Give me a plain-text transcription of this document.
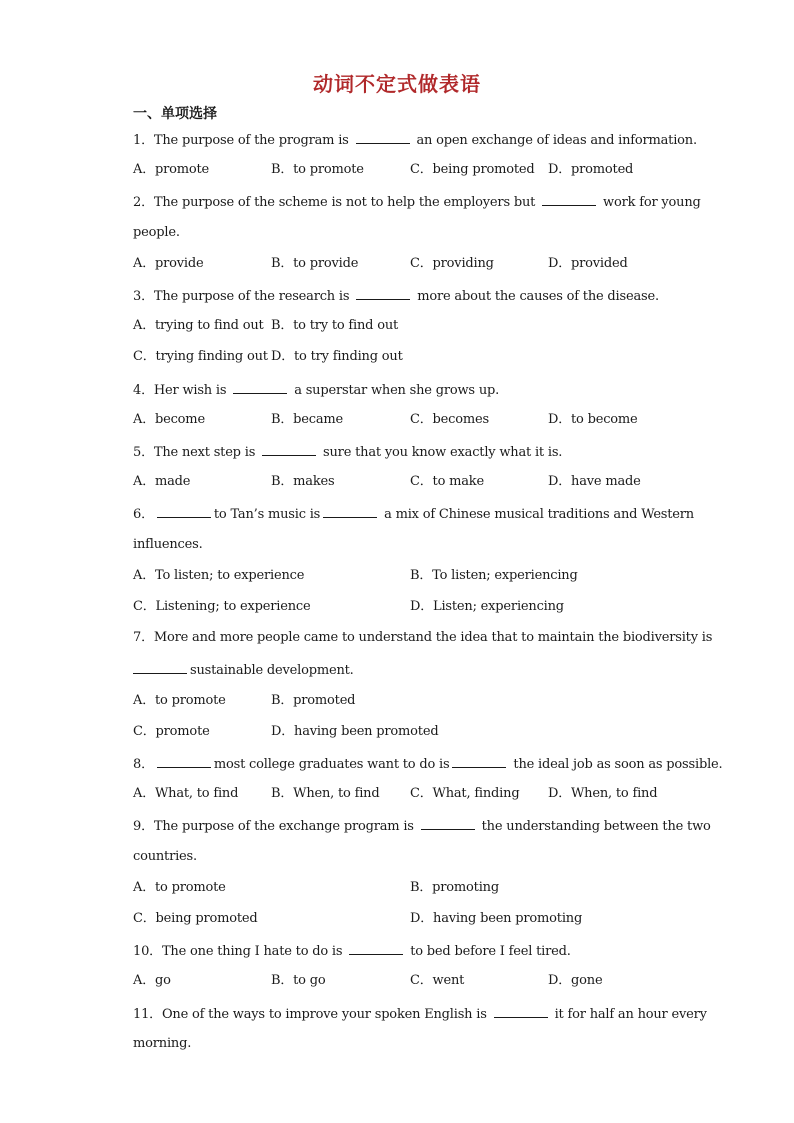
动词不定式做表语
一、单项选择
1．The purpose of the program is	an open exchange of ideas and information.
A．promote	B．to promote	C．being promoted D．promoted
2．The purpose of the scheme is not to help the employers but	work for young
people.
A．provide	B．to provide	C．providing	D．provided
3．The purpose of the research is	more about the causes of the disease.
A．trying to find out B．to try to find out
C．trying finding out D．to try finding out
4．Her wish is	a superstar when she grows up.
A．become	B．became	C．becomes	D．to become
5．The next step is	sure that you know exactly what it is.
A．made	B．makes	C．to make	D．have made
6．	to Tan’s music is	a mix of Chinese musical traditions and Western
influences.
A．To listen; to experience	B．To listen; experiencing
C．Listening; to experience	D．Listen; experiencing
7．More and more people came to understand the idea that to maintain the biodiversity is
sustainable development.
A．to promote	B．promoted
C．promote	D．having been promoted
8．	most college graduates want to do is	the ideal job as soon as possible.
A．What, to find	B．When, to find C．What, finding D．When, to find
9．The purpose of the exchange program is	the understanding between the two
countries.
A．to promote	B．promoting
C．being promoted	D．having been promoting
10．The one thing I hate to do is	to bed before I feel tired.
A．go	B．to go	C．went	D．gone
11．One of the ways to improve your spoken English is	it for half an hour every
morning.
